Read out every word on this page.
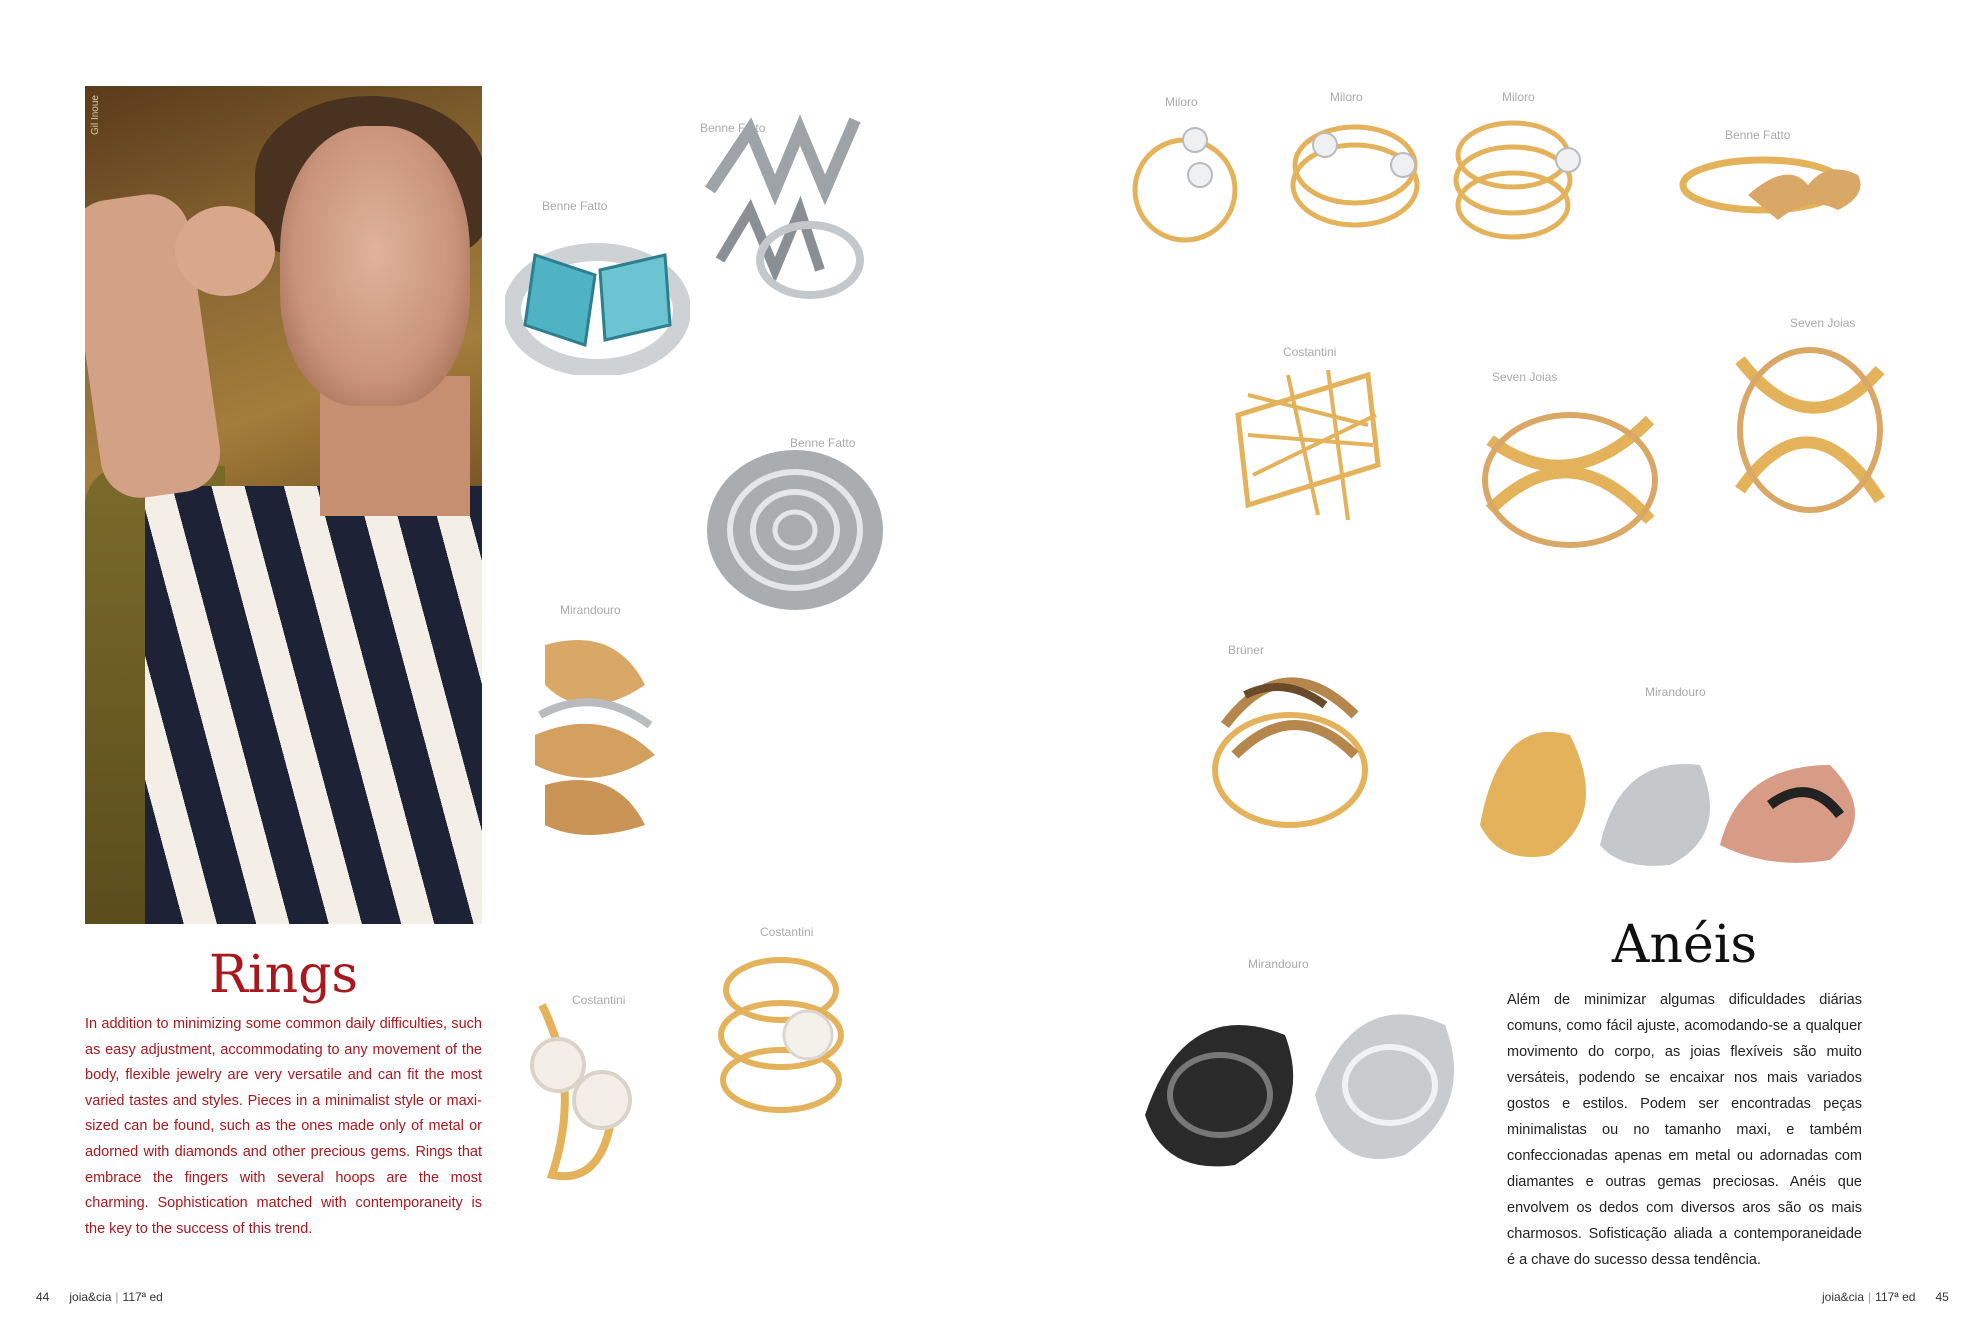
Gil Inoue
Benne Fatto
Benne Fatto
Benne Fatto
Mirandouro
Costantini
Costantini
Rings
In addition to minimizing some common daily difficulties, such as easy adjustment, accommodating to any movement of the body, flexible jewelry are very versatile and can fit the most varied tastes and styles. Pieces in a minimalist style or maxi-sized can be found, such as the ones made only of metal or adorned with diamonds and other precious gems. Rings that embrace the fingers with several hoops are the most charming. Sophistication matched with contemporaneity is the key to the success of this trend.
Miloro	Miloro	Miloro
Benne Fatto
Costantini
Seven Joias
Seven Joias
Brüner
Mirandouro
Mirandouro	Anéis
Além de minimizar algumas dificuldades diárias comuns, como fácil ajuste, acomodando-se a qualquer movimento do corpo, as joias flexíveis são muito versáteis, podendo se encaixar nos mais variados gostos e estilos. Podem ser encontradas peças minimalistas ou no tamanho maxi, e também confeccionadas apenas em metal ou adornadas com diamantes e outras gemas preciosas. Anéis que envolvem os dedos com diversos aros são os mais charmosos. Sofisticação aliada a contemporaneidade é a chave do sucesso dessa tendência.
44 joia&cia | 117ª ed	joia&cia | 117ª ed 45
